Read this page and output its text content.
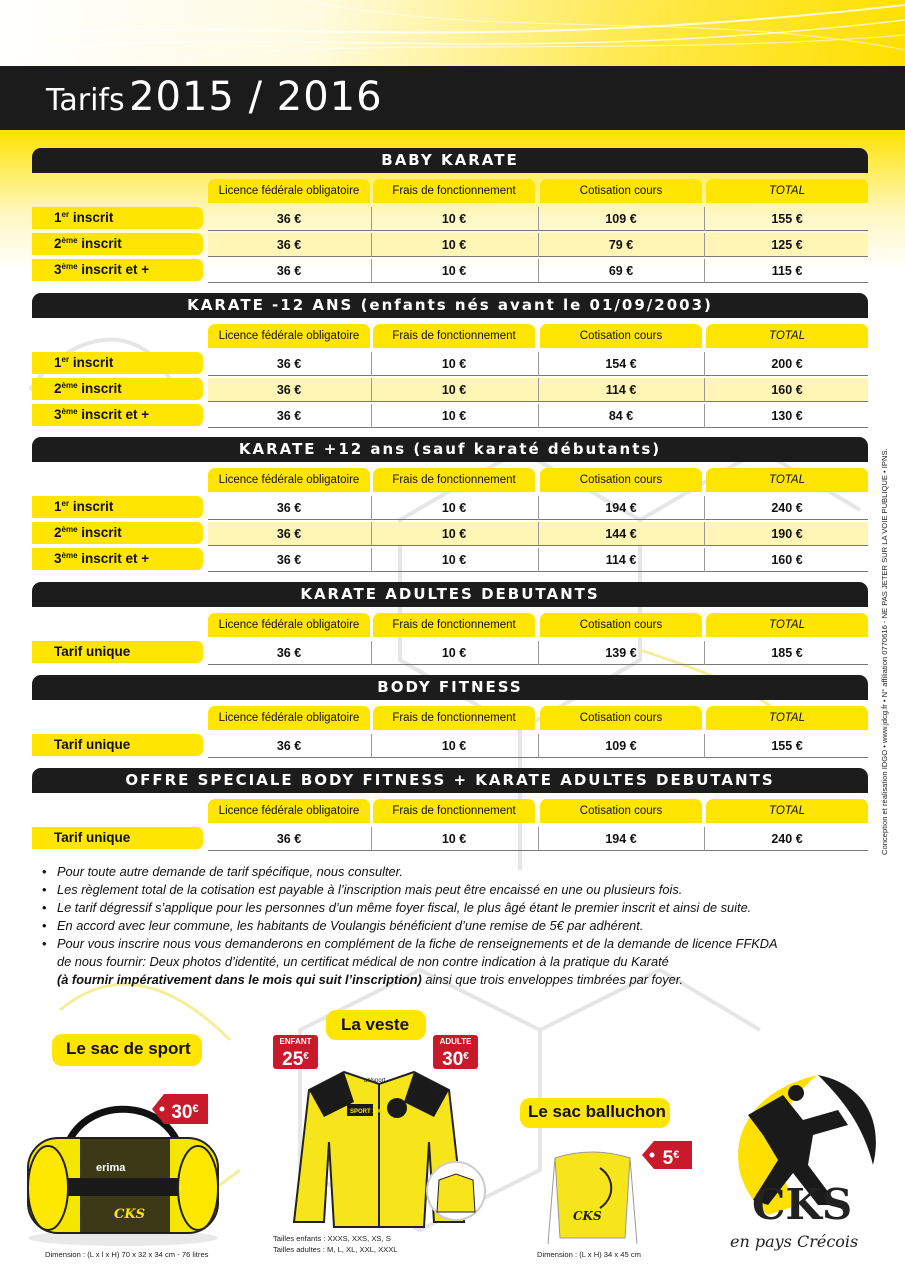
Tarifs 2015 / 2016
BABY KARATE
Licence fédérale obligatoire	Frais de fonctionnement	Cotisation cours	TOTAL
1er inscrit	36 €	10 €	109 €	155 €
2ème inscrit	36 €	10 €	79 €	125 €
3ème inscrit et +	36 €	10 €	69 €	115 €
KARATE -12 ANS (enfants nés avant le 01/09/2003)
Licence fédérale obligatoire	Frais de fonctionnement	Cotisation cours	TOTAL
1er inscrit	36 €	10 €	154 €	200 €
2ème inscrit	36 €	10 €	114 €	160 €
3ème inscrit et +	36 €	10 €	84 €	130 €
KARATE +12 ans (sauf karaté débutants)
Licence fédérale obligatoire	Frais de fonctionnement	Cotisation cours	TOTAL
1er inscrit	36 €	10 €	194 €	240 €
2ème inscrit	36 €	10 €	144 €	190 €
3ème inscrit et +	36 €	10 €	114 €	160 €
KARATE ADULTES DEBUTANTS
Licence fédérale obligatoire	Frais de fonctionnement	Cotisation cours	TOTAL
Tarif unique	36 €	10 €	139 €	185 €
BODY FITNESS
Licence fédérale obligatoire	Frais de fonctionnement	Cotisation cours	TOTAL
Tarif unique	36 €	10 €	109 €	155 €
OFFRE SPECIALE BODY FITNESS + KARATE ADULTES DEBUTANTS
Licence fédérale obligatoire	Frais de fonctionnement	Cotisation cours	TOTAL
Tarif unique	36 €	10 €	194 €	240 €
• Pour toute autre demande de tarif spécifique, nous consulter.
• Les règlement total de la cotisation est payable à l’inscription mais peut être encaissé en une ou plusieurs fois.
• Le tarif dégressif s’applique pour les personnes d’un même foyer fiscal, le plus âgé étant le premier inscrit et ainsi de suite.
• En accord avec leur commune, les habitants de Voulangis bénéficient d’une remise de 5€ par adhérent.
• Pour vous inscrire nous vous demanderons en complément de la fiche de renseignements et de la demande de licence FFKDA
de nous fournir: Deux photos d’identité, un certificat médical de non contre indication à la pratique du Karaté
(à fournir impérativement dans le mois qui suit l’inscription) ainsi que trois enveloppes timbrées par foyer.
Conception et réalisation IDGO • www.jdcg.fr • N° affiliation 0770616 - NE PAS JETER SUR LA VOIE PUBLIQUE • IPNS.
Le sac de sport
erima
CKS
30€
Dimension : (L x l x H) 70 x 32 x 34 cm - 76 litres
La veste
ENFANT
25€
ADULTE
30€
SPORT 2000
uhlsport
Tailles enfants : XXXS, XXS, XS, S
Tailles adultes : M, L, XL, XXL, XXXL
Le sac balluchon
CKS
5€
Dimension : (L x H) 34 x 45 cm
CKS
en pays Crécois
